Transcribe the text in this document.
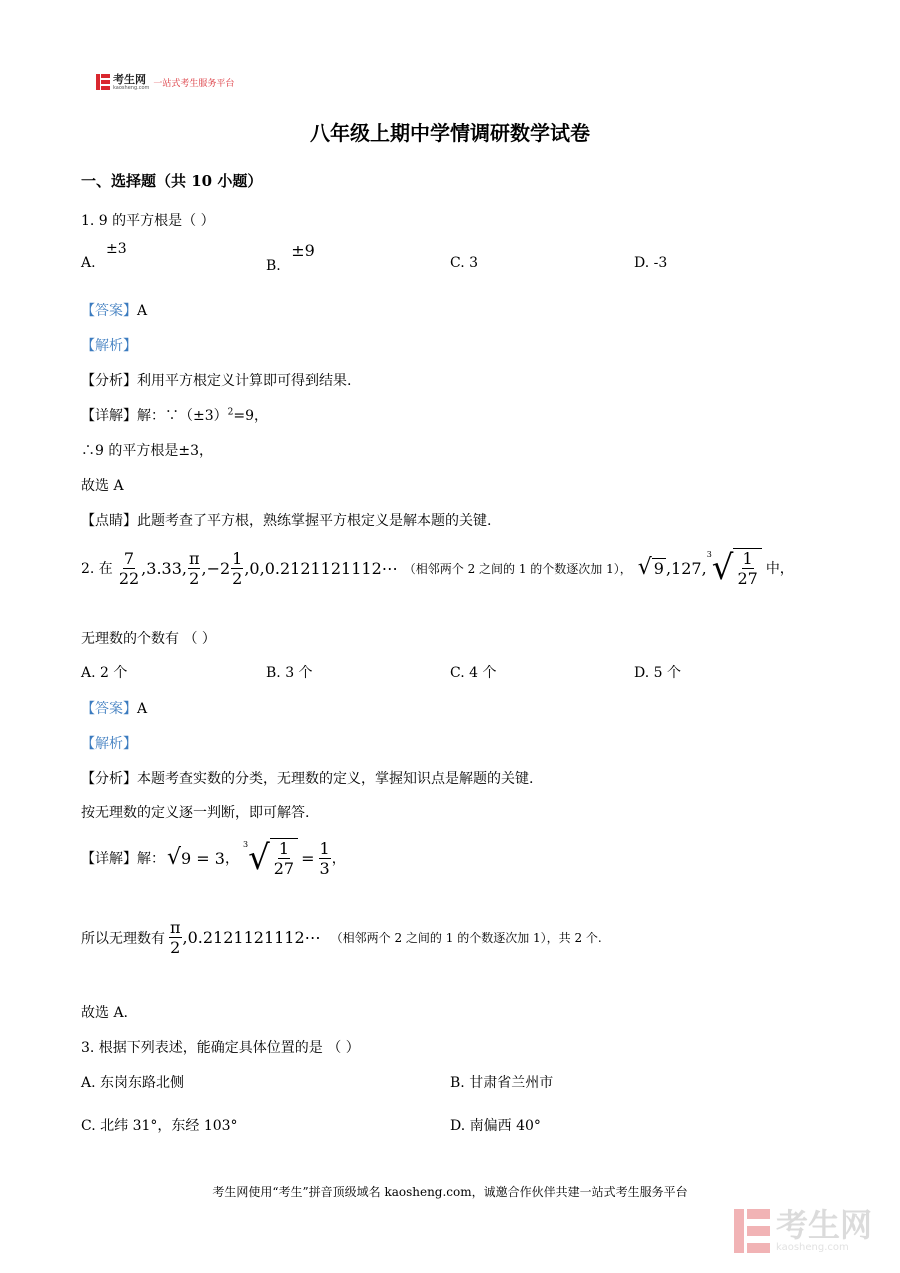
考生网
kaosheng.com 一站式考生服务平台
八年级上期中学情调研数学试卷
一、选择题（共 10 小题）
1. 9 的平方根是（ ）
A. ±3
B. ±9
C. 3	D. -3
【答案】A
【解析】
【分析】利用平方根定义计算即可得到结果.
【详解】解：$\because(\pm 3)^2=9$，
∴9 的平方根是±3，
故选 A
【点睛】此题考查了平方根，熟练掌握平方根定义是解本题的关键.
2. 在 $\frac{7}{22} ,3.33$, $\frac{\pi}{2} ,-2 \frac{1}{2}$ ,0,0.2121121112⋯ （相邻两个 2 之间的 1 的个数逐次加 1）， √ 9 ,127,
3 √ $\frac{1}{27}$ 中，
无理数的个数有 （ ）
A. 2 个	B. 3 个	C. 4 个	D. 5 个
【答案】A
【解析】
【分析】本题考查实数的分类，无理数的定义，掌握知识点是解题的关键.
按无理数的定义逐一判断，即可解答.
【详解】 解： √ 9 = 3 ，
3 √ $\frac{1}{27} = \frac{1}{3}$ ，
所以无理数有 $\frac{\pi}{2}$ ,0.2121121112⋯ （相邻两个 2 之间的 1 的个数逐次加 1），共 2 个.
故选 A.
3. 根据下列表述，能确定具体位置的是 （ ）
A. 东岗东路北侧	B. 甘肃省兰州市
C. 北纬 31°，东经 103°	D. 南偏西 40°
考生网使用“考生”拼音顶级域名 kaosheng.com，诚邀合作伙伴共建一站式考生服务平台
考生网
kaosheng.com
